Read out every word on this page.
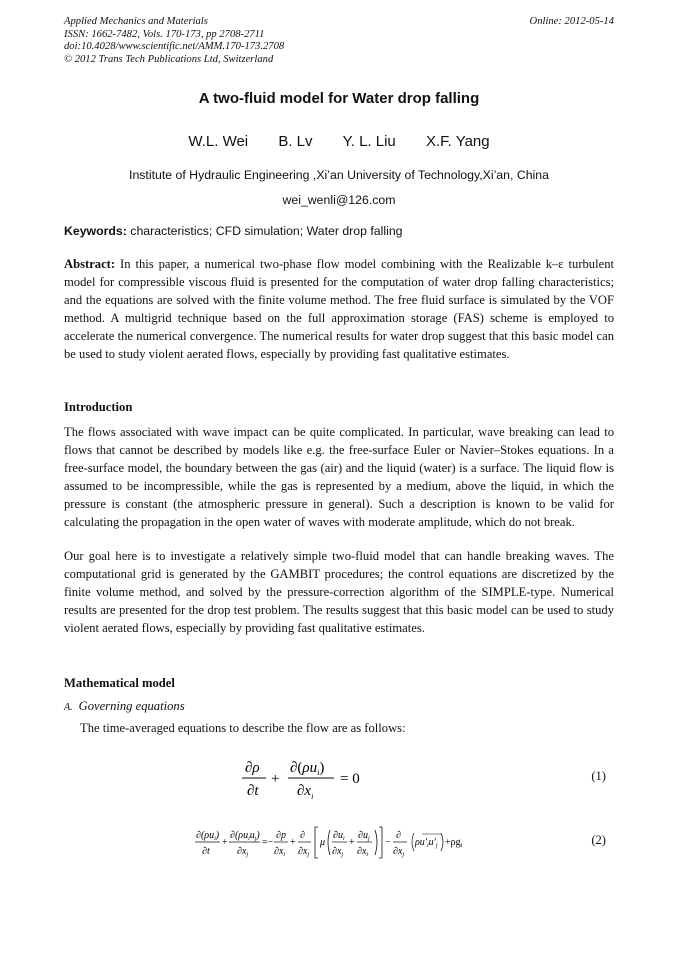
Applied Mechanics and Materials
ISSN: 1662-7482, Vols. 170-173, pp 2708-2711
doi:10.4028/www.scientific.net/AMM.170-173.2708
© 2012 Trans Tech Publications Ltd, Switzerland
Online: 2012-05-14
A two-fluid model for Water drop falling
W.L. Wei B. Lv Y. L. Liu X.F. Yang
Institute of Hydraulic Engineering ,Xi’an University of Technology,Xi’an, China
wei_wenli@126.com
Keywords: characteristics; CFD simulation; Water drop falling
Abstract: In this paper, a numerical two-phase flow model combining with the Realizable k–ε turbulent model for compressible viscous fluid is presented for the computation of water drop falling characteristics; and the equations are solved with the finite volume method. The free fluid surface is simulated by the VOF method. A multigrid technique based on the full approximation storage (FAS) scheme is employed to accelerate the numerical convergence. The numerical results for water drop suggest that this basic model can be used to study violent aerated flows, especially by providing fast qualitative estimates.
Introduction
The flows associated with wave impact can be quite complicated. In particular, wave breaking can lead to flows that cannot be described by models like e.g. the free-surface Euler or Navier–Stokes equations. In a free-surface model, the boundary between the gas (air) and the liquid (water) is a surface. The liquid flow is assumed to be incompressible, while the gas is represented by a medium, above the liquid, in which the pressure is constant (the atmospheric pressure in general). Such a description is known to be valid for calculating the propagation in the open water of waves with moderate amplitude, which do not break.
Our goal here is to investigate a relatively simple two-fluid model that can handle breaking waves. The computational grid is generated by the GAMBIT procedures; the control equations are discretized by the finite volume method, and solved by the pressure-correction algorithm of the SIMPLE-type. Numerical results are presented for the drop test problem. The results suggest that this basic model can be used to study violent aerated flows, especially by providing fast qualitative estimates.
Mathematical model
A. Governing equations
The time-averaged equations to describe the flow are as follows:
∂ρ
∂t
+
$\partial(\rho u_i)$
$\partial x_i$
= 0	(1)
$\partial(\rho u_i)$
∂t
+
$\partial(\rho u_iu_j)$
$\partial x_j$
=−
∂p
$\partial x_i$
+
∂
$\partial x_j$
μ
$\partial u_i$
$\partial x_j$
+
$\partial u_j$
$\partial x_i$
−
∂
$\partial x_j$
$\rho u'_iu'_j +\rho g_i$	(2)
